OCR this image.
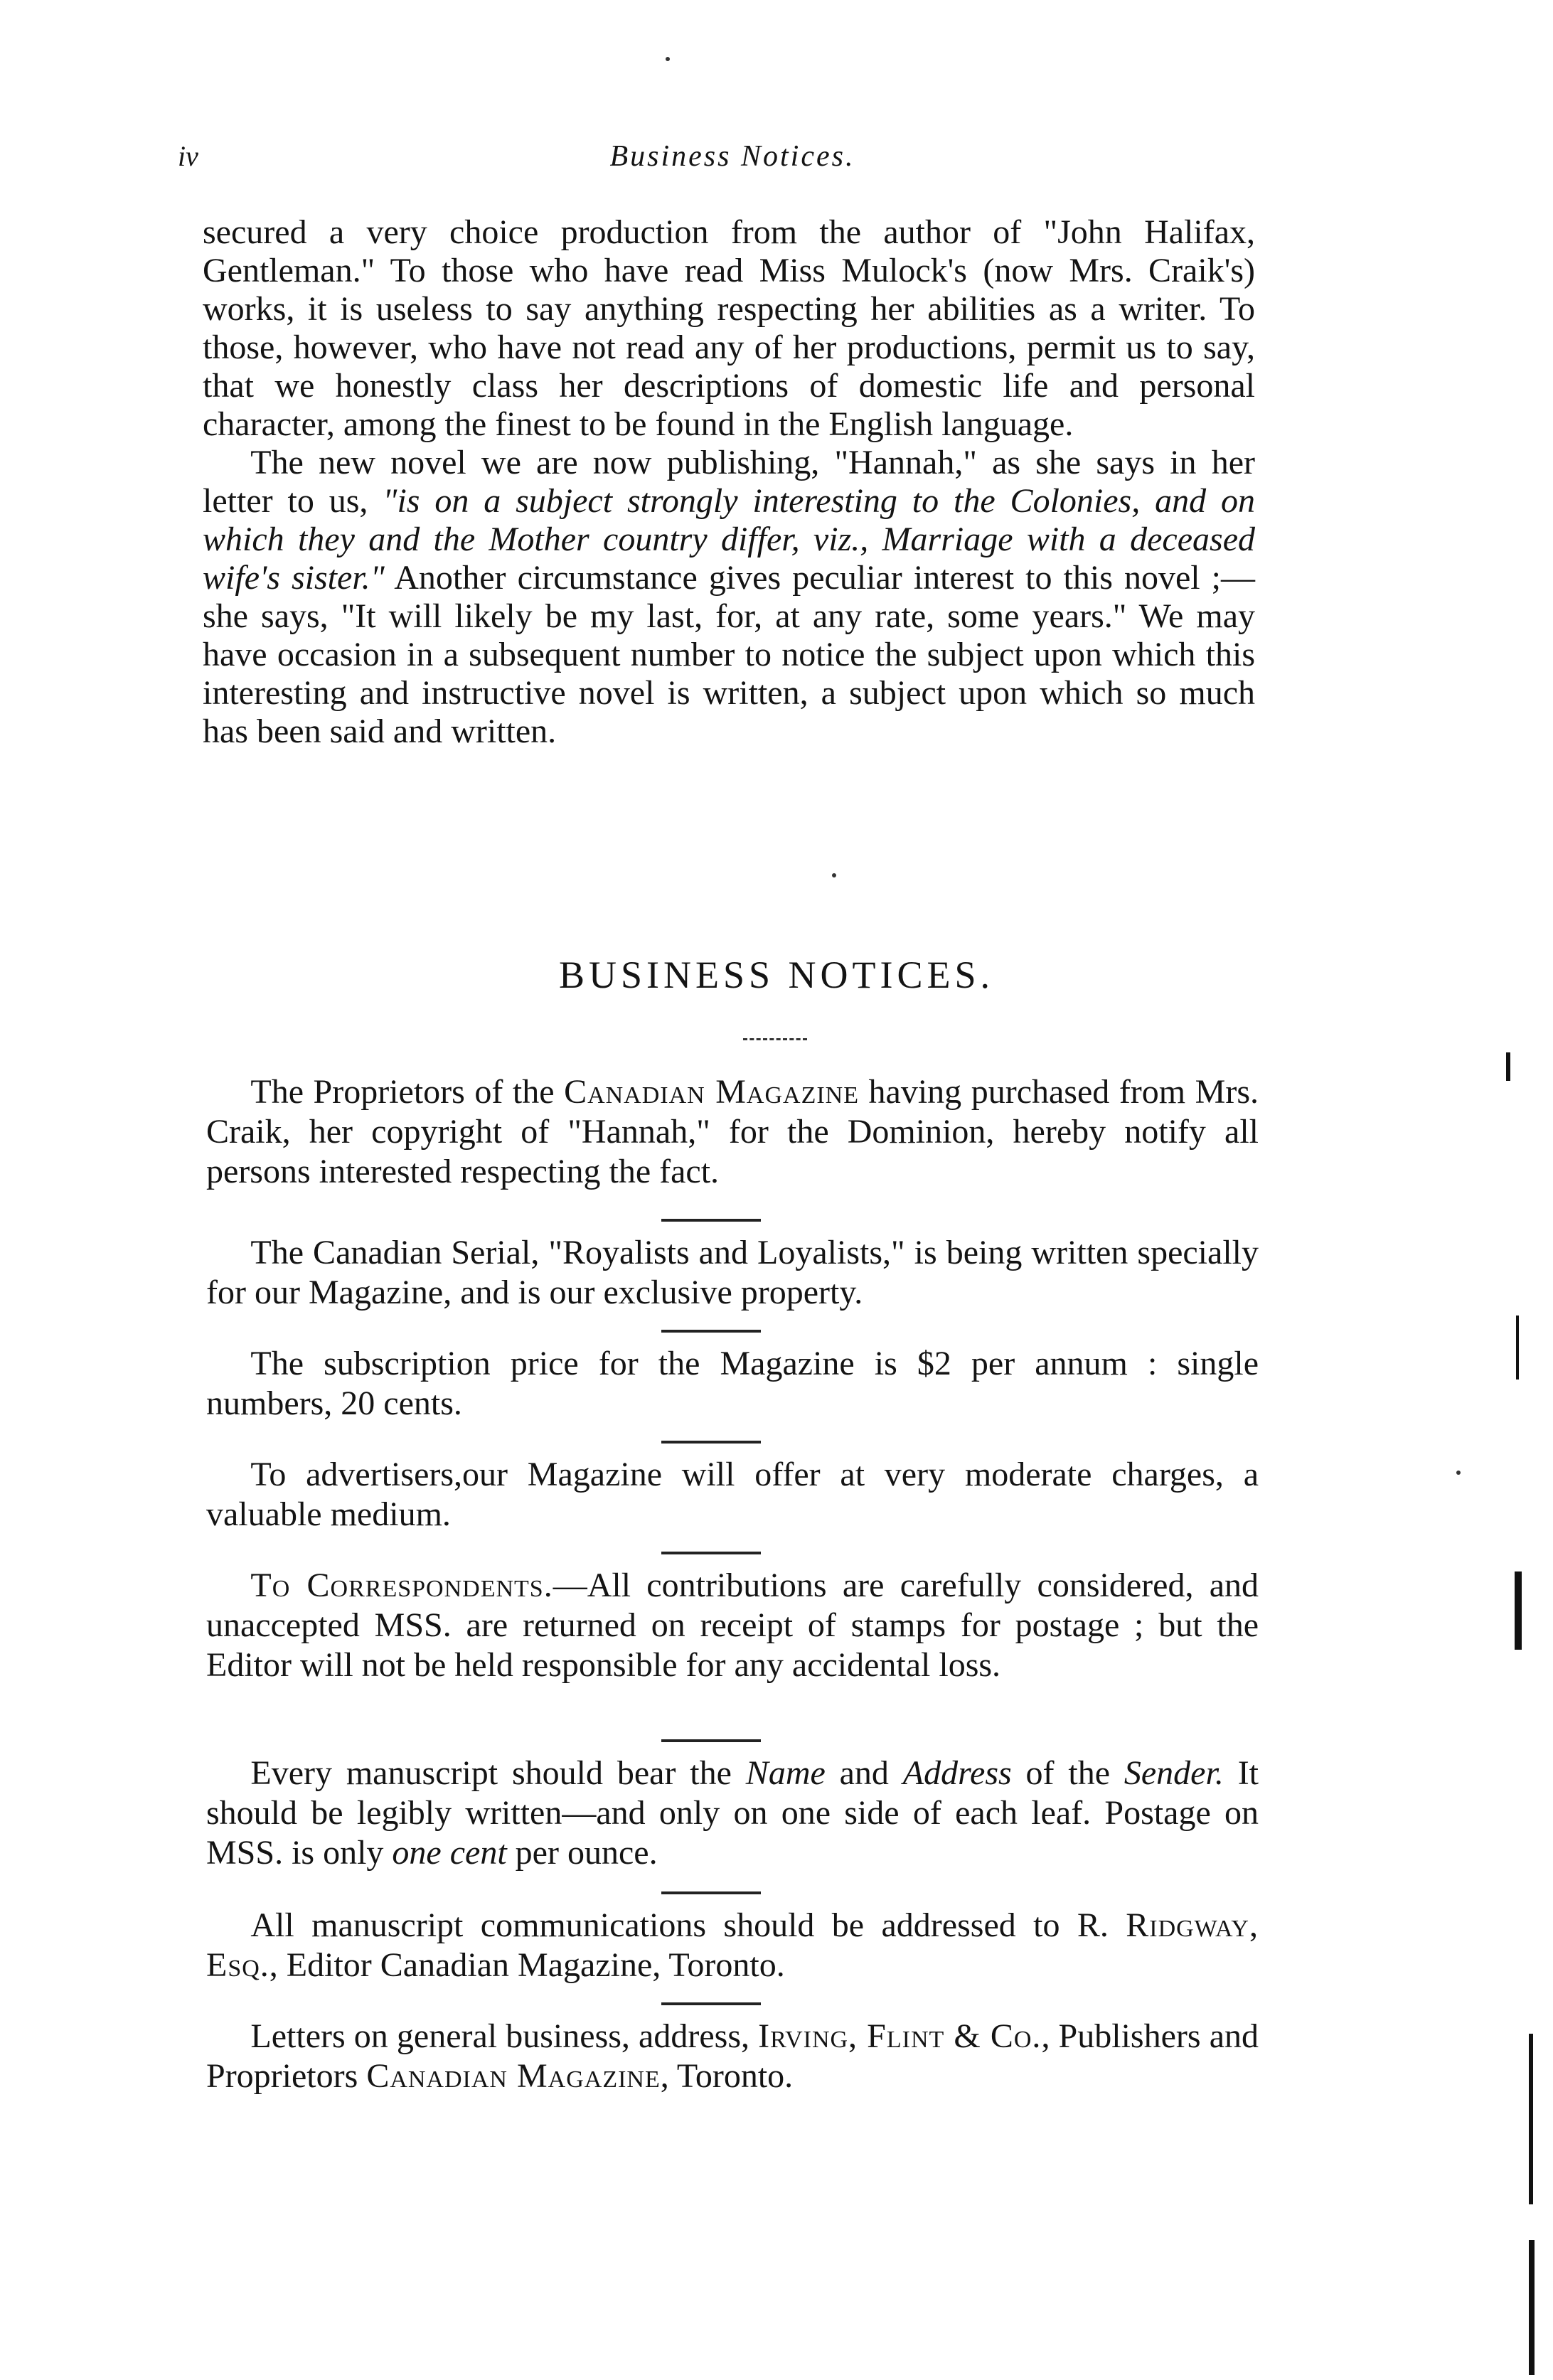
iv	Business Notices.

secured a very choice production from the author of "John Halifax, Gentleman." To those who have read Miss Mulock's (now Mrs. Craik's) works, it is useless to say anything respecting her abilities as a writer. To those, however, who have not read any of her productions, permit us to say, that we honestly class her descriptions of domestic life and personal character, among the finest to be found in the English language.

The new novel we are now publishing, "Hannah," as she says in her letter to us, "is on a subject strongly interesting to the Colonies, and on which they and the Mother country differ, viz., Marriage with a deceased wife's sister." Another circumstance gives peculiar interest to this novel ;—she says, "It will likely be my last, for, at any rate, some years." We may have occasion in a subsequent number to notice the subject upon which this interesting and instructive novel is written, a subject upon which so much has been said and written.

BUSINESS NOTICES.

The Proprietors of the Canadian Magazine having purchased from Mrs. Craik, her copyright of "Hannah," for the Dominion, hereby notify all persons interested respecting the fact.

The Canadian Serial, "Royalists and Loyalists," is being written specially for our Magazine, and is our exclusive property.

The subscription price for the Magazine is $2 per annum : single numbers, 20 cents.

To advertisers,our Magazine will offer at very moderate charges, a valuable medium.

To Correspondents.—All contributions are carefully considered, and unaccepted MSS. are returned on receipt of stamps for postage ; but the Editor will not be held responsible for any accidental loss.

Every manuscript should bear the Name and Address of the Sender. It should be legibly written—and only on one side of each leaf. Postage on MSS. is only one cent per ounce.

All manuscript communications should be addressed to R. Ridgway, Esq., Editor Canadian Magazine, Toronto.

Letters on general business, address, Irving, Flint & Co., Publishers and Proprietors Canadian Magazine, Toronto.
